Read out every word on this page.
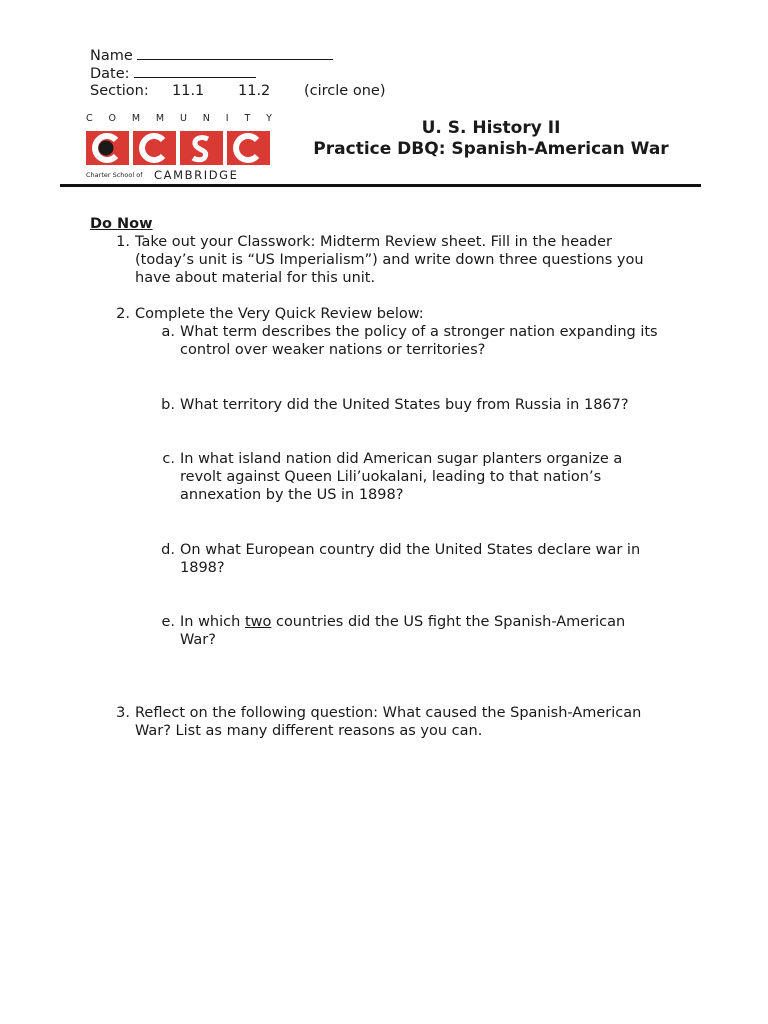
Name
Date:
Section: 11.1 11.2 (circle one)
C O M M U N I T Y
Charter School of CAMBRIDGE
U. S. History II
Practice DBQ: Spanish-American War
Do Now
1. Take out your Classwork: Midterm Review sheet. Fill in the header
(today’s unit is “US Imperialism”) and write down three questions you
have about material for this unit.
2. Complete the Very Quick Review below:
a. What term describes the policy of a stronger nation expanding its
control over weaker nations or territories?
b. What territory did the United States buy from Russia in 1867?
c. In what island nation did American sugar planters organize a
revolt against Queen Lili’uokalani, leading to that nation’s
annexation by the US in 1898?
d. On what European country did the United States declare war in
1898?
e. In which two countries did the US fight the Spanish-American
War?
3. Reflect on the following question: What caused the Spanish-American
War? List as many different reasons as you can.
